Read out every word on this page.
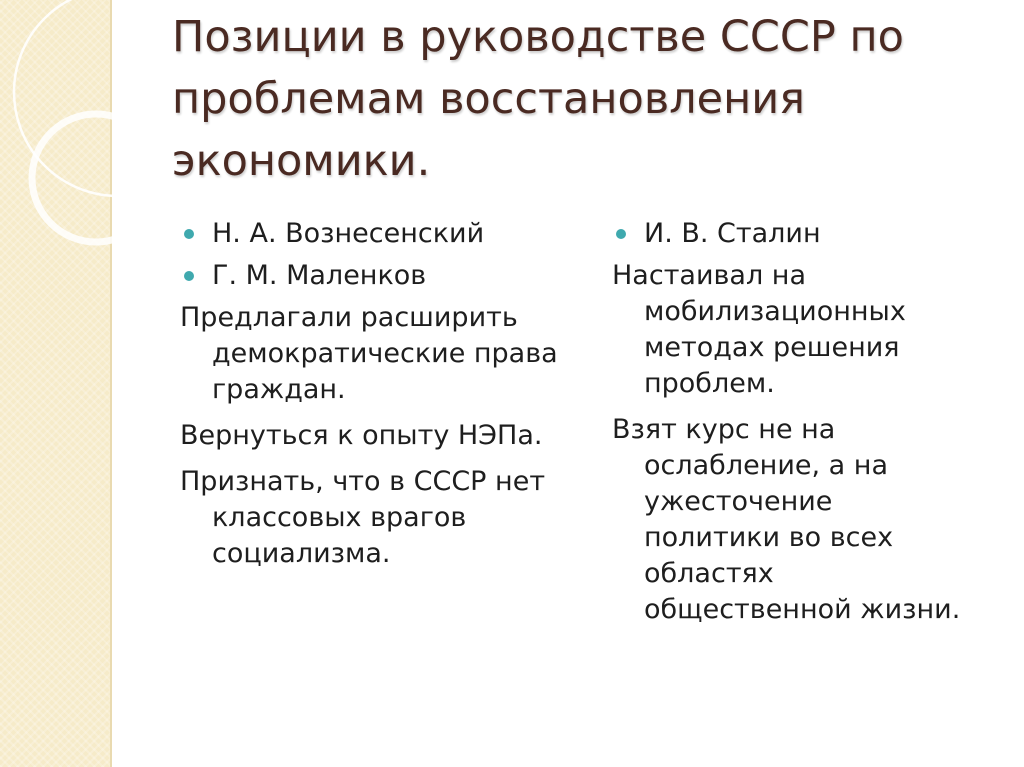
Позиции в руководстве СССР по проблемам восстановления экономики.
Н. А. Вознесенский
Г. М. Маленков

Предлагали расширить демократические права граждан.

Вернуться к опыту НЭПа.

Признать, что в СССР нет классовых врагов социализма.

И. В. Сталин

Настаивал на мобилизационных методах решения проблем.

Взят курс не на ослабление, а на ужесточение политики во всех областях общественной жизни.
